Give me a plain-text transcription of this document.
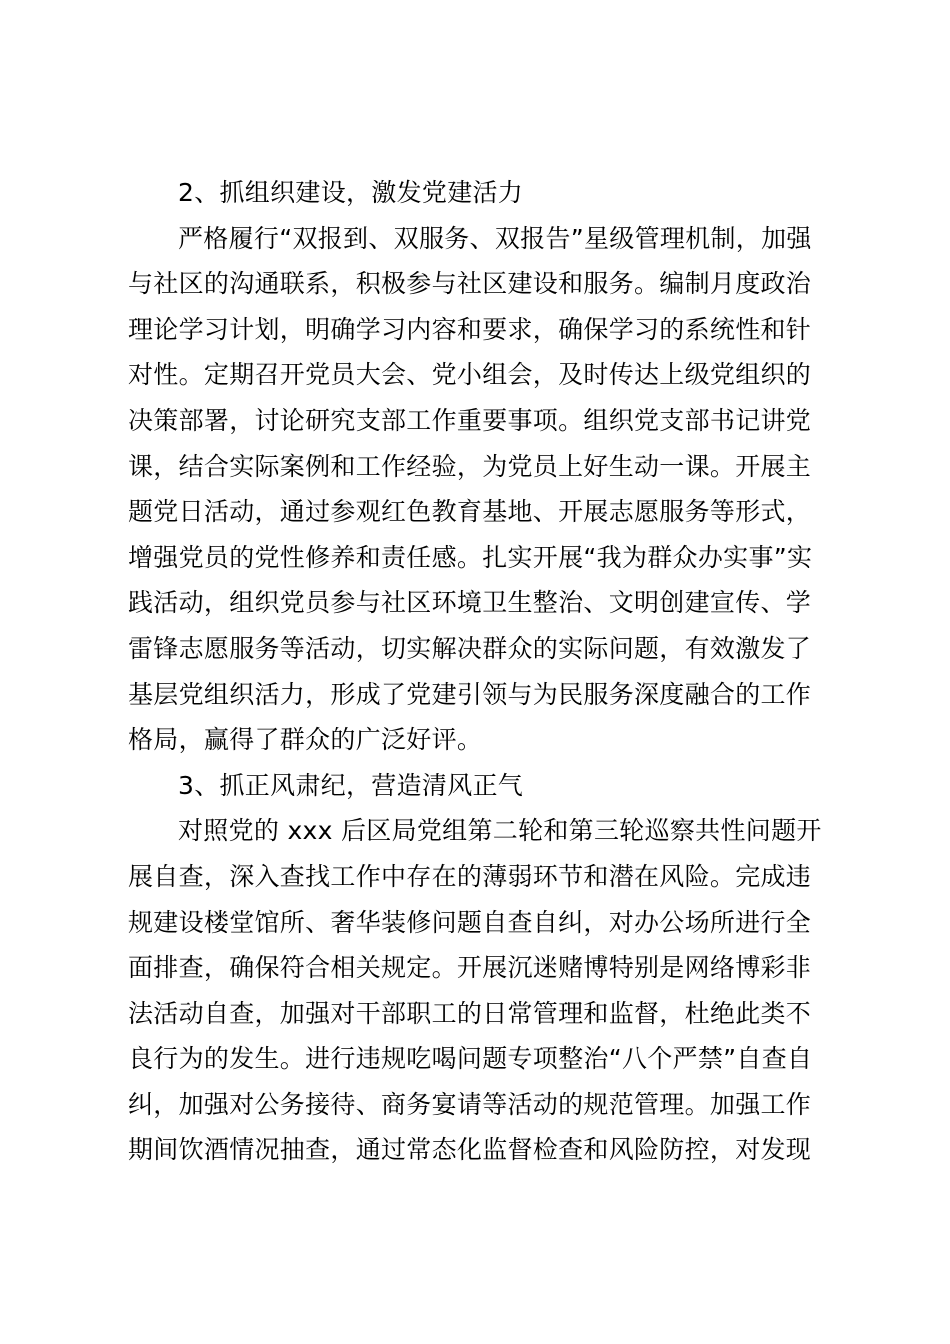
2、抓组织建设，激发党建活力
严格履行“双报到、双服务、双报告”星级管理机制，加强
与社区的沟通联系，积极参与社区建设和服务。编制月度政治
理论学习计划，明确学习内容和要求，确保学习的系统性和针
对性。定期召开党员大会、党小组会，及时传达上级党组织的
决策部署，讨论研究支部工作重要事项。组织党支部书记讲党
课，结合实际案例和工作经验，为党员上好生动一课。开展主
题党日活动，通过参观红色教育基地、开展志愿服务等形式，
增强党员的党性修养和责任感。扎实开展“我为群众办实事”实
践活动，组织党员参与社区环境卫生整治、文明创建宣传、学
雷锋志愿服务等活动，切实解决群众的实际问题，有效激发了
基层党组织活力，形成了党建引领与为民服务深度融合的工作
格局，赢得了群众的广泛好评。
3、抓正风肃纪，营造清风正气
对照党的 xxx 后区局党组第二轮和第三轮巡察共性问题开
展自查，深入查找工作中存在的薄弱环节和潜在风险。完成违
规建设楼堂馆所、奢华装修问题自查自纠，对办公场所进行全
面排查，确保符合相关规定。开展沉迷赌博特别是网络博彩非
法活动自查，加强对干部职工的日常管理和监督，杜绝此类不
良行为的发生。进行违规吃喝问题专项整治“八个严禁”自查自
纠，加强对公务接待、商务宴请等活动的规范管理。加强工作
期间饮酒情况抽查，通过常态化监督检查和风险防控，对发现
